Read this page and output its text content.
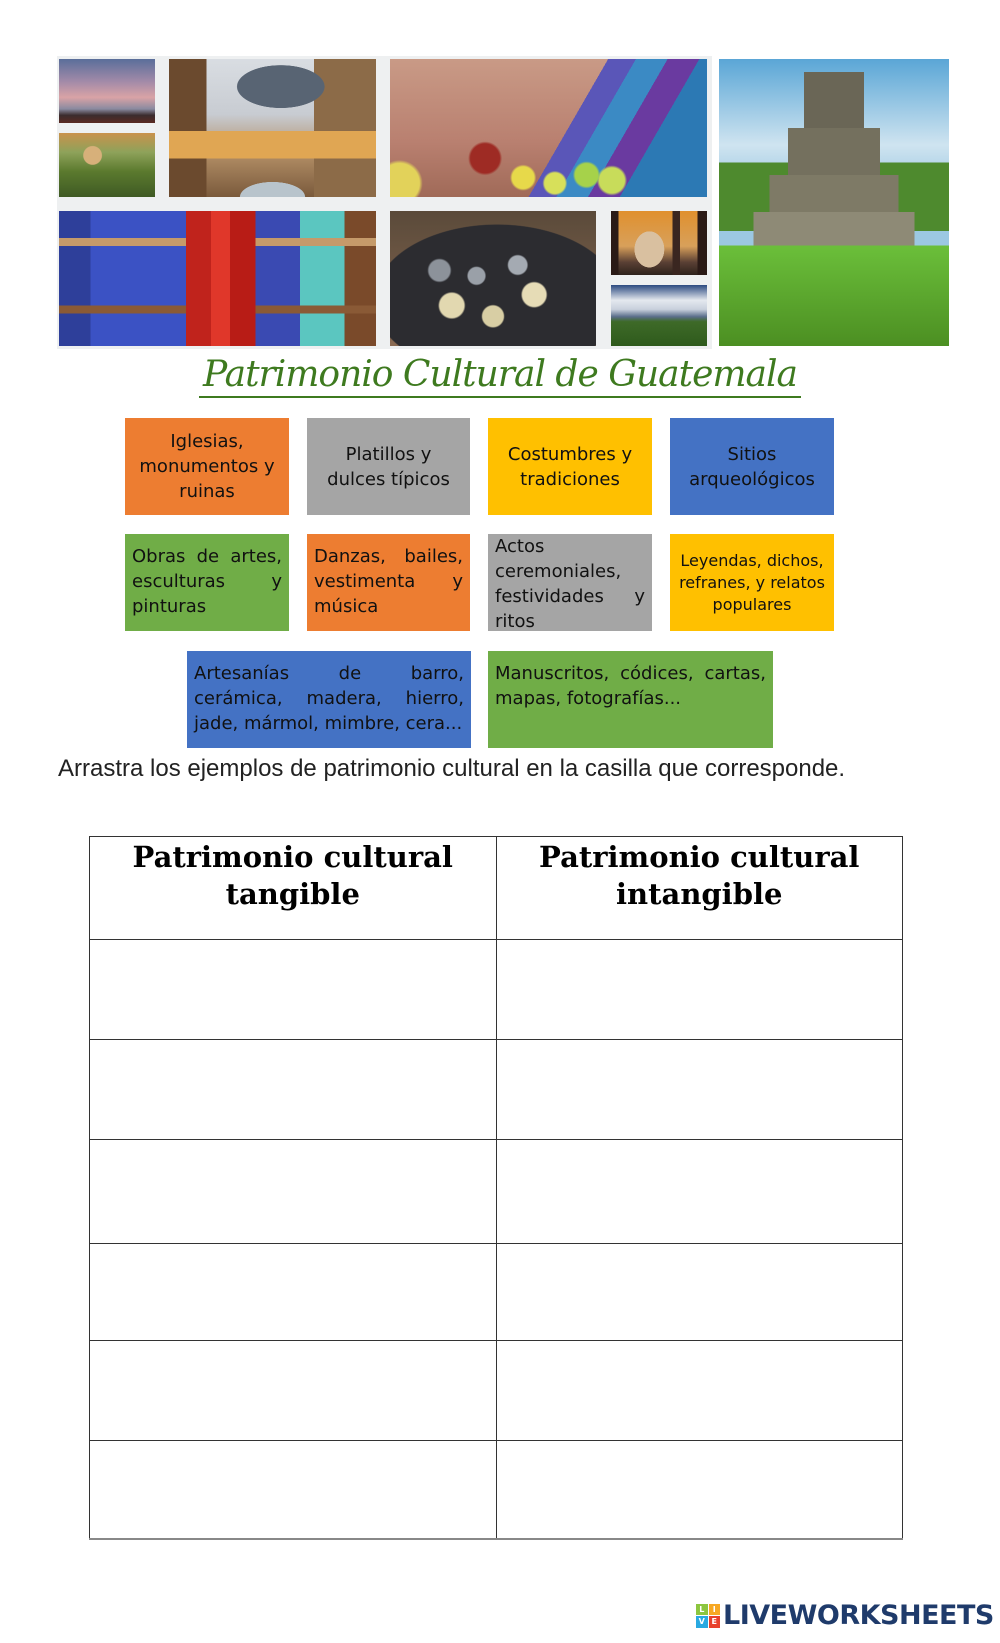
Patrimonio Cultural de Guatemala
Iglesias, monumentos y ruinas
Platillos y dulces típicos
Costumbres y tradiciones
Sitios arqueológicos
Obras de artes, esculturas y pinturas
Danzas, bailes, vestimenta y música
Actos ceremoniales, festividades y ritos
Leyendas, dichos, refranes, y relatos populares
Artesanías de barro, cerámica, madera, hierro, jade, mármol, mimbre, cera...
Manuscritos, códices, cartas, mapas, fotografías...
Arrastra los ejemplos de patrimonio cultural en la casilla que corresponde.
Patrimonio cultural tangible	Patrimonio cultural intangible

L	I
V E LIVEWORKSHEETS
